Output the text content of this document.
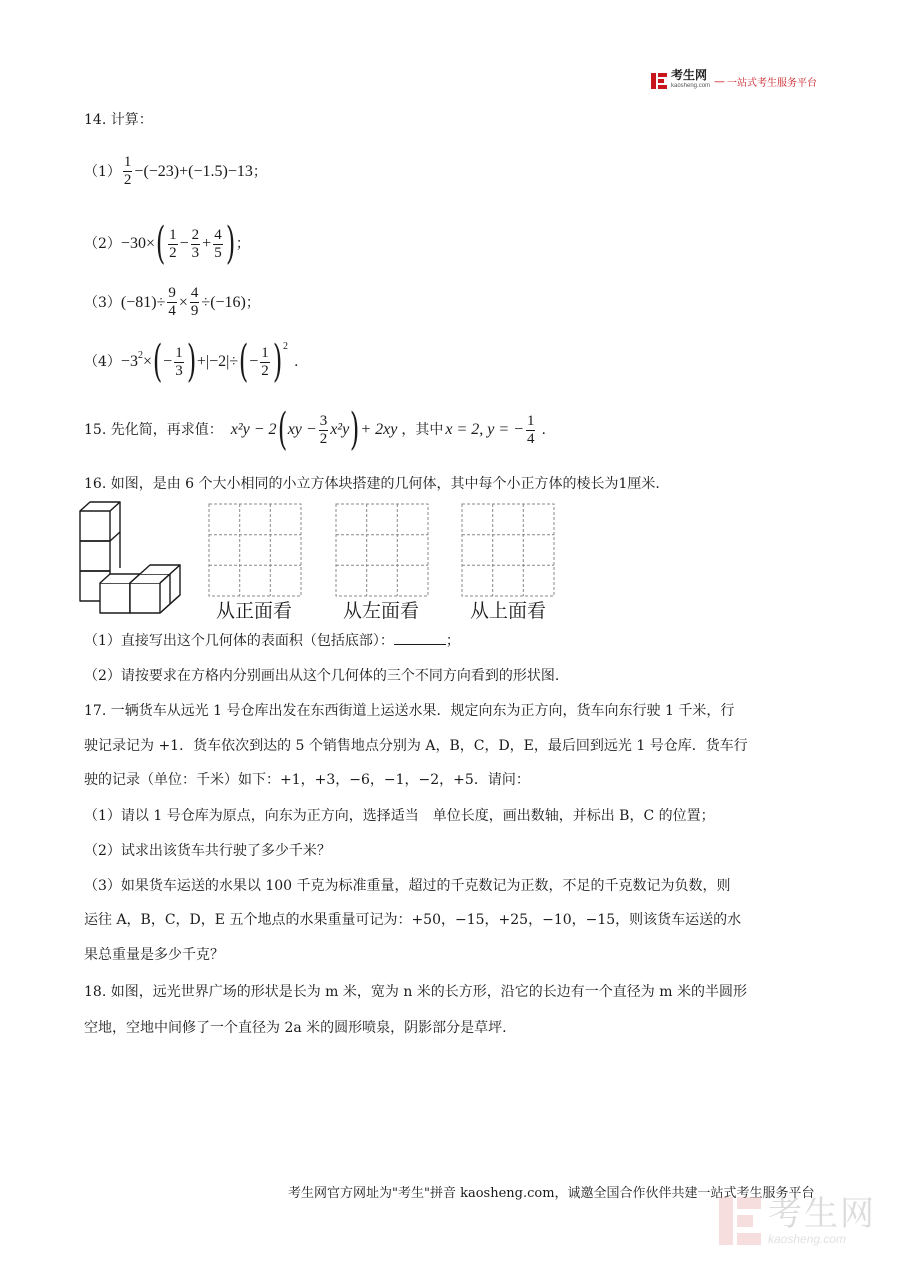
考生网
kaosheng.com — 一站式考生服务平台
14. 计算：
$(1) \frac{1}{2} -(-23)+(-1.5)-13$ ；
（2） −30× ( $\frac{1}{2} - \frac{2}{3} + \frac{4}{5}$ ) ；
（3） $(-81)\div \frac{9}{4} \times \frac{4}{9} \div(-16)$ ；
$(4) -3^2$ × ( − $\frac{1}{3}$ ) +|−2|÷ ( − $\frac{1}{2} )^2$
.
15. 先化简，再求值： x²y − 2 ( xy − $\frac{3}{2} x^2y$ ) + 2xy ，其中 x = 2, y = − $\frac{1}{4}$ .
16. 如图，是由 6 个大小相同的小立方体块搭建的几何体，其中每个小正方体的棱长为1厘米.
从正面看	从左面看	从上面看
（1）直接写出这个几何体的表面积（包括底部）：	；
（2）请按要求在方格内分别画出从这个几何体的三个不同方向看到的形状图.
17. 一辆货车从远光 1 号仓库出发在东西街道上运送水果．规定向东为正方向，货车向东行驶 1 千米，行
驶记录记为 +1．货车依次到达的 5 个销售地点分别为 A，B，C，D，E，最后回到远光 1 号仓库．货车行
驶的记录（单位：千米）如下：+1，+3，−6，−1，−2，+5．请问：
（1）请以 1 号仓库为原点，向东为正方向，选择适当　单位长度，画出数轴，并标出 B，C 的位置；
（2）试求出该货车共行驶了多少千米？
（3）如果货车运送的水果以 100 千克为标准重量，超过的千克数记为正数，不足的千克数记为负数，则
运往 A，B，C，D，E 五个地点的水果重量可记为：+50，−15，+25，−10，−15，则该货车运送的水
果总重量是多少千克？
18. 如图，远光世界广场的形状是长为 m 米，宽为 n 米的长方形，沿它的长边有一个直径为 m 米的半圆形
空地，空地中间修了一个直径为 2a 米的圆形喷泉，阴影部分是草坪.
考生网官方网址为"考生"拼音 kaosheng.com，诚邀全国合作伙伴共建一站式考生服务平台
考生网
kaosheng.com
